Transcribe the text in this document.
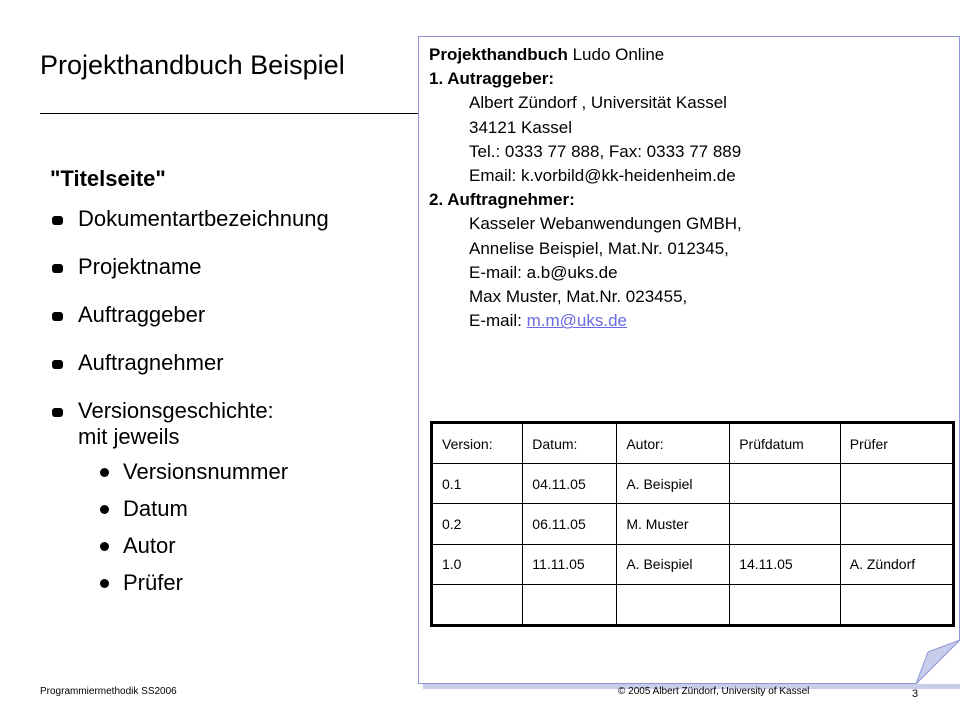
Projekthandbuch Beispiel
"Titelseite"
Dokumentartbezeichnung
Projektname
Auftraggeber
Auftragnehmer
Versionsgeschichte:
mit jeweils
Versionsnummer
Datum
Autor
Prüfer
Projekthandbuch Ludo Online
1. Autraggeber:
Albert Zündorf , Universität Kassel
34121 Kassel
Tel.: 0333 77 888, Fax: 0333 77 889
Email: k.vorbild@kk-heidenheim.de
2. Auftragnehmer:
Kasseler Webanwendungen GMBH,
Annelise Beispiel, Mat.Nr. 012345,
E-mail: a.b@uks.de
Max Muster, Mat.Nr. 023455,
E-mail: m.m@uks.de
Version:	Datum:	Autor:	Prüfdatum	Prüfer
0.1	04.11.05	A. Beispiel		
0.2	06.11.05	M. Muster		
1.0	11.11.05	A. Beispiel	14.11.05	A. Zündorf

Programmiermethodik SS2006	© 2005 Albert Zündorf, University of Kassel	3
